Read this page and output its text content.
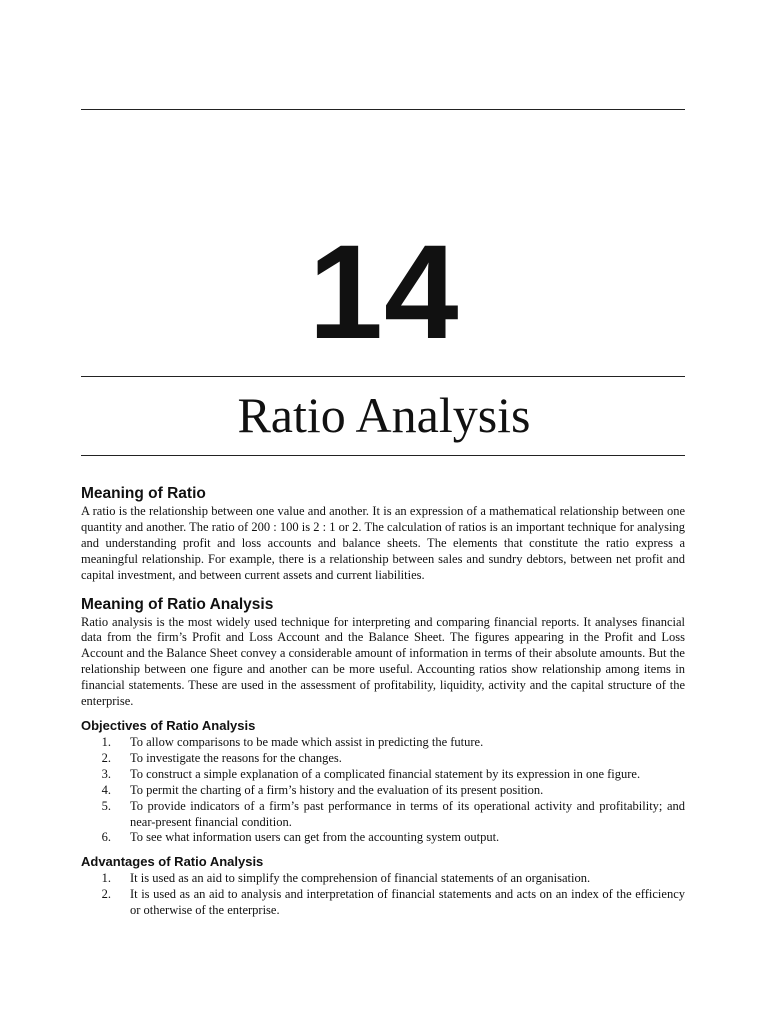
14
Ratio Analysis
Meaning of Ratio

A ratio is the relationship between one value and another. It is an expression of a mathematical relationship between one quantity and another. The ratio of 200 : 100 is 2 : 1 or 2. The calculation of ratios is an important technique for analysing and understanding profit and loss accounts and balance sheets. The elements that constitute the ratio express a meaningful relationship. For example, there is a relationship between sales and sundry debtors, between net profit and capital investment, and between current assets and current liabilities.

Meaning of Ratio Analysis

Ratio analysis is the most widely used technique for interpreting and comparing financial reports. It analyses financial data from the firm’s Profit and Loss Account and the Balance Sheet. The figures appearing in the Profit and Loss Account and the Balance Sheet convey a considerable amount of information in terms of their absolute amounts. But the relationship between one figure and another can be more useful. Accounting ratios show relationship among items in financial statements. These are used in the assessment of profitability, liquidity, activity and the capital structure of the enterprise.

Objectives of Ratio Analysis
1.	To allow comparisons to be made which assist in predicting the future.
2.	To investigate the reasons for the changes.
3.	To construct a simple explanation of a complicated financial statement by its expression in one figure.
4.	To permit the charting of a firm’s history and the evaluation of its present position.
5.	To provide indicators of a firm’s past performance in terms of its operational activity and profitability; and near-present financial condition.
6.	To see what information users can get from the accounting system output.
Advantages of Ratio Analysis
1.	It is used as an aid to simplify the comprehension of financial statements of an organisation.
2.	It is used as an aid to analysis and interpretation of financial statements and acts on an index of the efficiency or otherwise of the enterprise.
